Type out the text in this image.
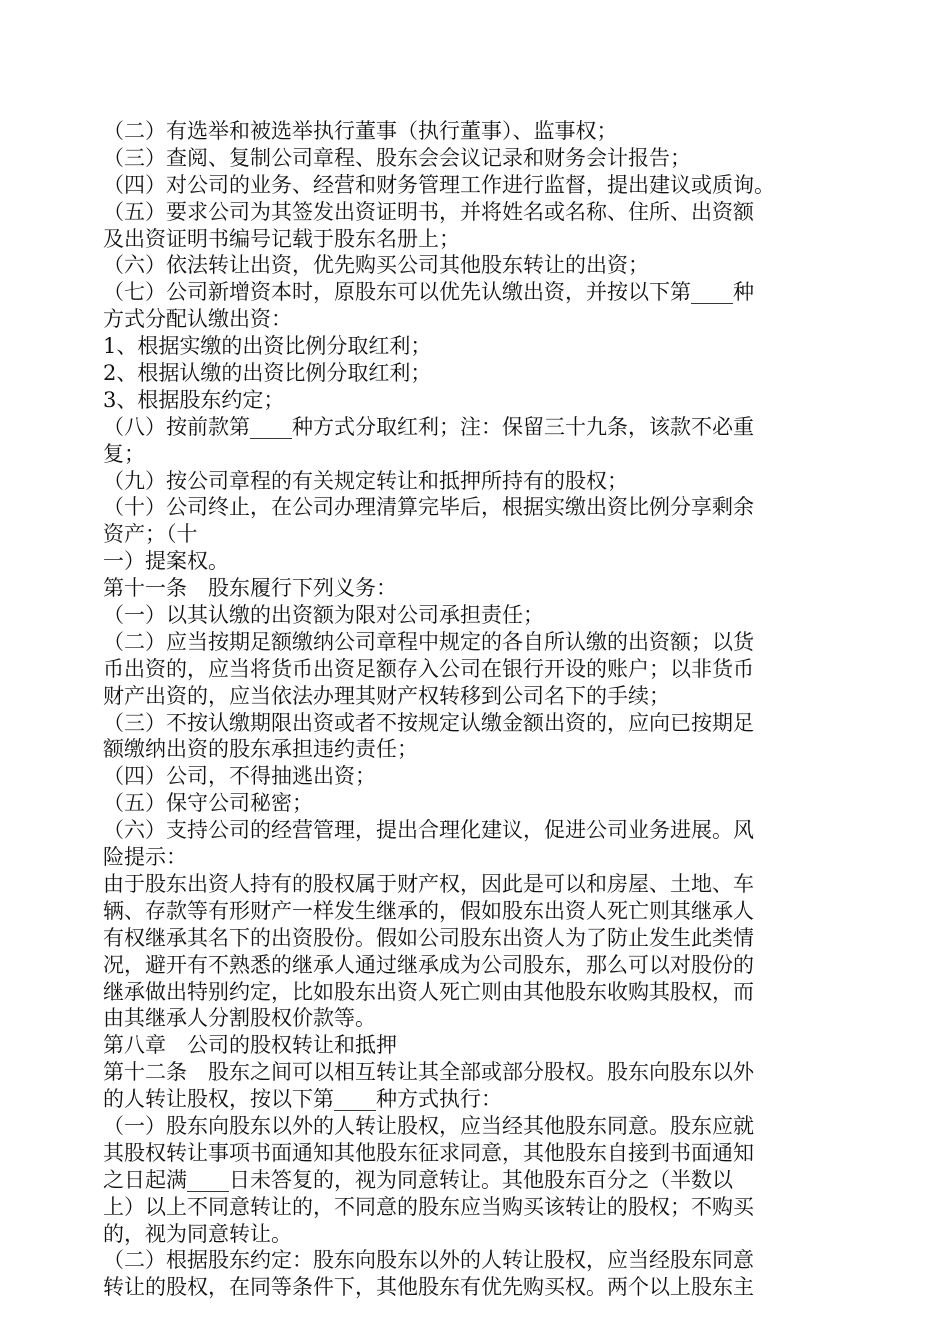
（二）有选举和被选举执行董事（执行董事）、监事权；
（三）查阅、复制公司章程、股东会会议记录和财务会计报告；
（四）对公司的业务、经营和财务管理工作进行监督，提出建议或质询。
（五）要求公司为其签发出资证明书，并将姓名或名称、住所、出资额
及出资证明书编号记载于股东名册上；
（六）依法转让出资，优先购买公司其他股东转让的出资；
（七）公司新增资本时，原股东可以优先认缴出资，并按以下第____种
方式分配认缴出资：
1、根据实缴的出资比例分取红利；
2、根据认缴的出资比例分取红利；
3、根据股东约定；
（八）按前款第____种方式分取红利；注：保留三十九条，该款不必重
复；
（九）按公司章程的有关规定转让和抵押所持有的股权；
（十）公司终止，在公司办理清算完毕后，根据实缴出资比例分享剩余
资产；（十
一）提案权。
第十一条　股东履行下列义务：
（一）以其认缴的出资额为限对公司承担责任；
（二）应当按期足额缴纳公司章程中规定的各自所认缴的出资额；以货
币出资的，应当将货币出资足额存入公司在银行开设的账户；以非货币
财产出资的，应当依法办理其财产权转移到公司名下的手续；
（三）不按认缴期限出资或者不按规定认缴金额出资的，应向已按期足
额缴纳出资的股东承担违约责任；
（四）公司，不得抽逃出资；
（五）保守公司秘密；
（六）支持公司的经营管理，提出合理化建议，促进公司业务进展。风
险提示：
由于股东出资人持有的股权属于财产权，因此是可以和房屋、土地、车
辆、存款等有形财产一样发生继承的，假如股东出资人死亡则其继承人
有权继承其名下的出资股份。假如公司股东出资人为了防止发生此类情
况，避开有不熟悉的继承人通过继承成为公司股东，那么可以对股份的
继承做出特别约定，比如股东出资人死亡则由其他股东收购其股权，而
由其继承人分割股权价款等。
第八章　公司的股权转让和抵押
第十二条　股东之间可以相互转让其全部或部分股权。股东向股东以外
的人转让股权，按以下第____种方式执行：
（一）股东向股东以外的人转让股权，应当经其他股东同意。股东应就
其股权转让事项书面通知其他股东征求同意，其他股东自接到书面通知
之日起满____日未答复的，视为同意转让。其他股东百分之（半数以
上）以上不同意转让的，不同意的股东应当购买该转让的股权；不购买
的，视为同意转让。
（二）根据股东约定：股东向股东以外的人转让股权，应当经股东同意
转让的股权，在同等条件下，其他股东有优先购买权。两个以上股东主
